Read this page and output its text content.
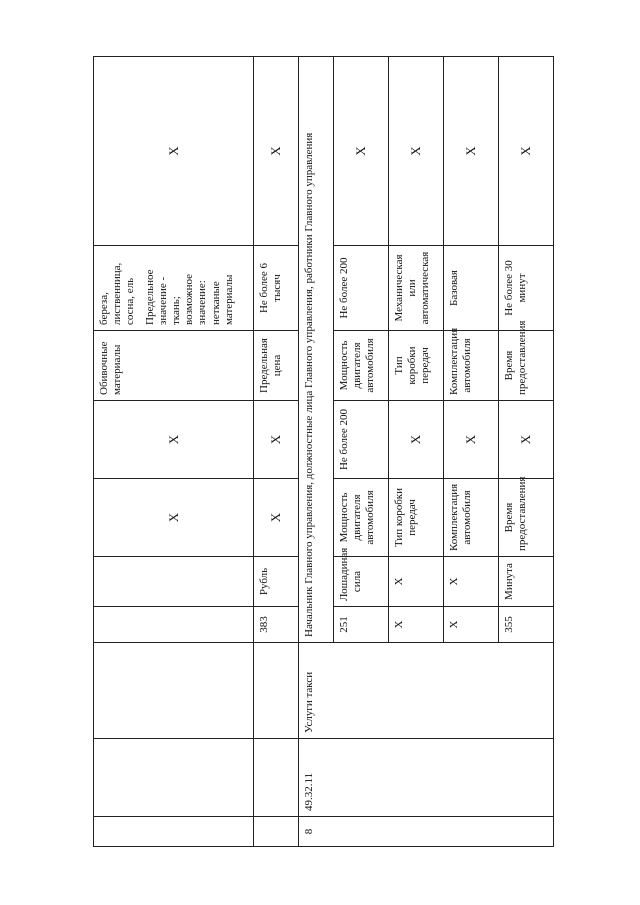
					X	X	Обивочные материалы	береза, лиственница, сосна, ель Предельное значение - ткань; возможное значение: нетканые материалы	X
			383	Рубль	X	X	Предельная цена	Не более 6 тысяч	X
8	49.32.11	Услуги такси	Начальник Главного управления, должностные лица Главного управления, работники Главного управления						
			251	Лошадиная сила	Мощность двигателя автомобиля	Не более 200	Мощность двигателя автомобиля	Не более 200	X
			X	X	Тип коробки передач	X	Тип коробки передач	Механическая или автоматическая	X
			X	X	Комплектация автомобиля	X	Комплектация автомобиля	Базовая	X
			355	Минута	Время предоставления	X	Время предоставления	Не более 30 минут	X
